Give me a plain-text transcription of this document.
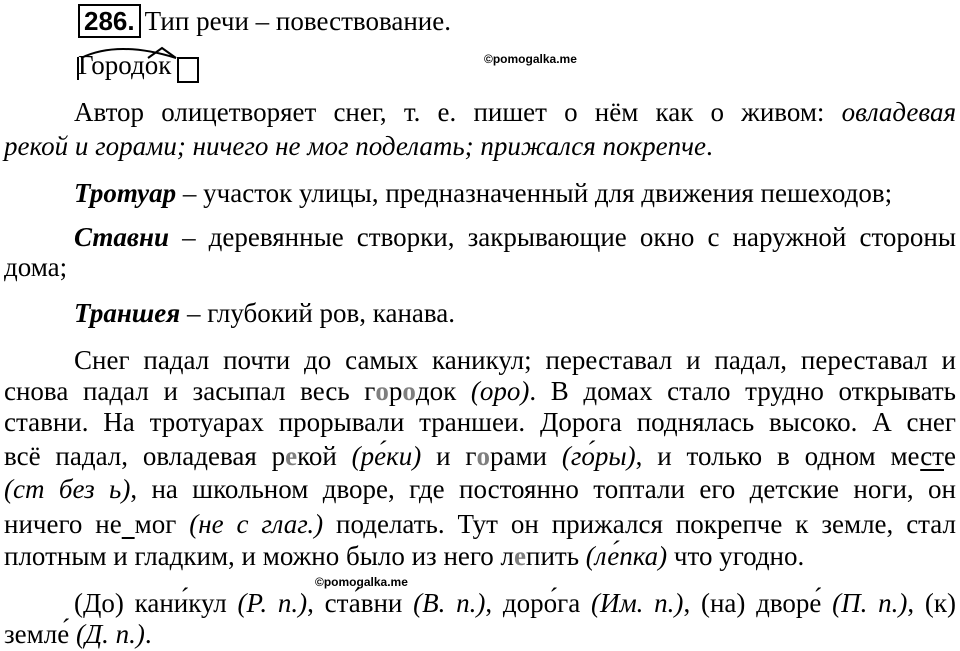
286. Тип речи – повествование.
©pomogalka.me
Городок
Автор олицетворяет снег, т. е. пишет о нём как о живом: овладевая
рекой и горами; ничего не мог поделать; прижался покрепче.
Тротуар – участок улицы, предназначенный для движения пешеходов;
Ставни – деревянные створки, закрывающие окно с наружной стороны
дома;
Траншея – глубокий ров, канава.
Снег падал почти до самых каникул; переставал и падал, переставал и
снова падал и засыпал весь городок (оро). В домах стало трудно открывать
ставни. На тротуарах прорывали траншеи. Дорога поднялась высоко. А снег
всё падал, овладевая рекой (ре́ки) и горами (го́ры), и только в одном месте
(ст без ь), на школьном дворе, где постоянно топтали его детские ноги, он
ничего не мог (не с глаг.) поделать. Тут он прижался покрепче к земле, стал
плотным и гладким, и можно было из него лепить (ле́пка) что угодно.
©pomogalka.me
(До) кани́кул (Р. п.), ста́вни (В. п.), доро́га (Им. п.), (на) дворе́ (П. п.), (к)
земле́ (Д. п.).
